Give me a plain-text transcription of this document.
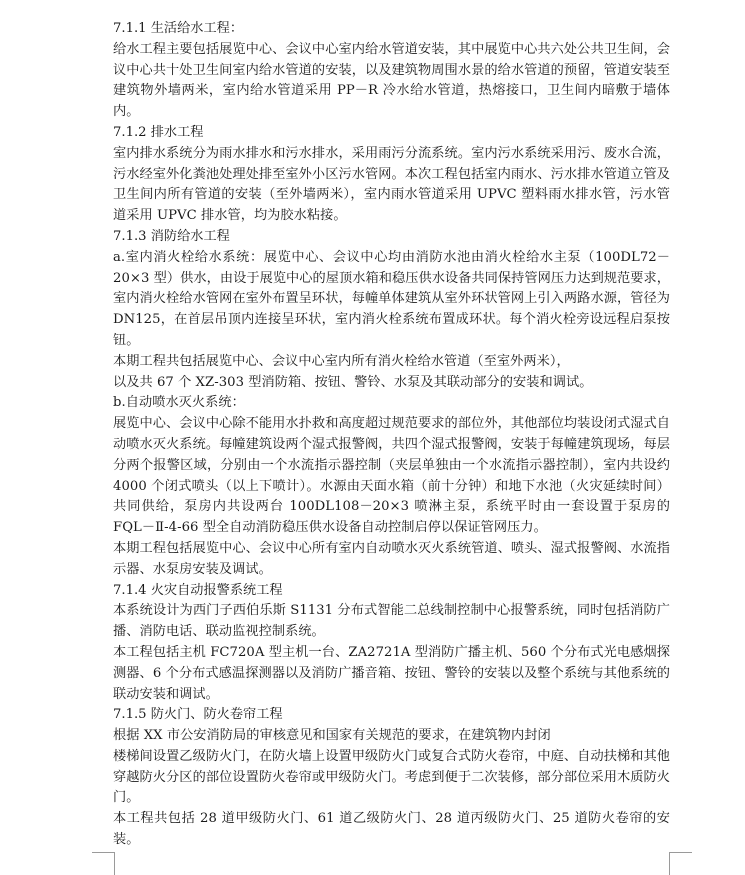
7.1.1 生活给水工程：

给水工程主要包括展览中心、会议中心室内给水管道安装，其中展览中心共六处公共卫生间，会议中心共十处卫生间室内给水管道的安装，以及建筑物周围水景的给水管道的预留，管道安装至建筑物外墙两米，室内给水管道采用 PP－R 冷水给水管道，热熔接口，卫生间内暗敷于墙体内。

7.1.2 排水工程

室内排水系统分为雨水排水和污水排水，采用雨污分流系统。室内污水系统采用污、废水合流，污水经室外化粪池处理处排至室外小区污水管网。本次工程包括室内雨水、污水排水管道立管及卫生间内所有管道的安装（至外墙两米），室内雨水管道采用 UPVC 塑料雨水排水管，污水管道采用 UPVC 排水管，均为胶水粘接。

7.1.3 消防给水工程

a.室内消火栓给水系统：展览中心、会议中心均由消防水池由消火栓给水主泵（100DL72－20×3 型）供水，由设于展览中心的屋顶水箱和稳压供水设备共同保持管网压力达到规范要求，室内消火栓给水管网在室外布置呈环状，每幢单体建筑从室外环状管网上引入两路水源，管径为 DN125，在首层吊顶内连接呈环状，室内消火栓系统布置成环状。每个消火栓旁设远程启泵按钮。

本期工程共包括展览中心、会议中心室内所有消火栓给水管道（至室外两米），

以及共 67 个 XZ-303 型消防箱、按钮、警铃、水泵及其联动部分的安装和调试。

b.自动喷水灭火系统：

展览中心、会议中心除不能用水扑救和高度超过规范要求的部位外，其他部位均装设闭式湿式自动喷水灭火系统。每幢建筑设两个湿式报警阀，共四个湿式报警阀，安装于每幢建筑现场，每层分两个报警区域，分别由一个水流指示器控制（夹层单独由一个水流指示器控制），室内共设约 4000 个闭式喷头（以上下喷计）。水源由天面水箱（前十分钟）和地下水池（火灾延续时间）共同供给，泵房内共设两台 100DL108－20×3 喷淋主泵，系统平时由一套设置于泵房的 FQL－Ⅱ-4-66 型全自动消防稳压供水设备自动控制启停以保证管网压力。

本期工程包括展览中心、会议中心所有室内自动喷水灭火系统管道、喷头、湿式报警阀、水流指示器、水泵房安装及调试。

7.1.4 火灾自动报警系统工程

本系统设计为西门子西伯乐斯 S1131 分布式智能二总线制控制中心报警系统，同时包括消防广播、消防电话、联动监视控制系统。

本工程包括主机 FC720A 型主机一台、ZA2721A 型消防广播主机、560 个分布式光电感烟探测器、6 个分布式感温探测器以及消防广播音箱、按钮、警铃的安装以及整个系统与其他系统的联动安装和调试。

7.1.5 防火门、防火卷帘工程

根据 XX 市公安消防局的审核意见和国家有关规范的要求，在建筑物内封闭

楼梯间设置乙级防火门，在防火墙上设置甲级防火门或复合式防火卷帘，中庭、自动扶梯和其他穿越防火分区的部位设置防火卷帘或甲级防火门。考虑到便于二次装修，部分部位采用木质防火门。

本工程共包括 28 道甲级防火门、61 道乙级防火门、28 道丙级防火门、25 道防火卷帘的安装。
